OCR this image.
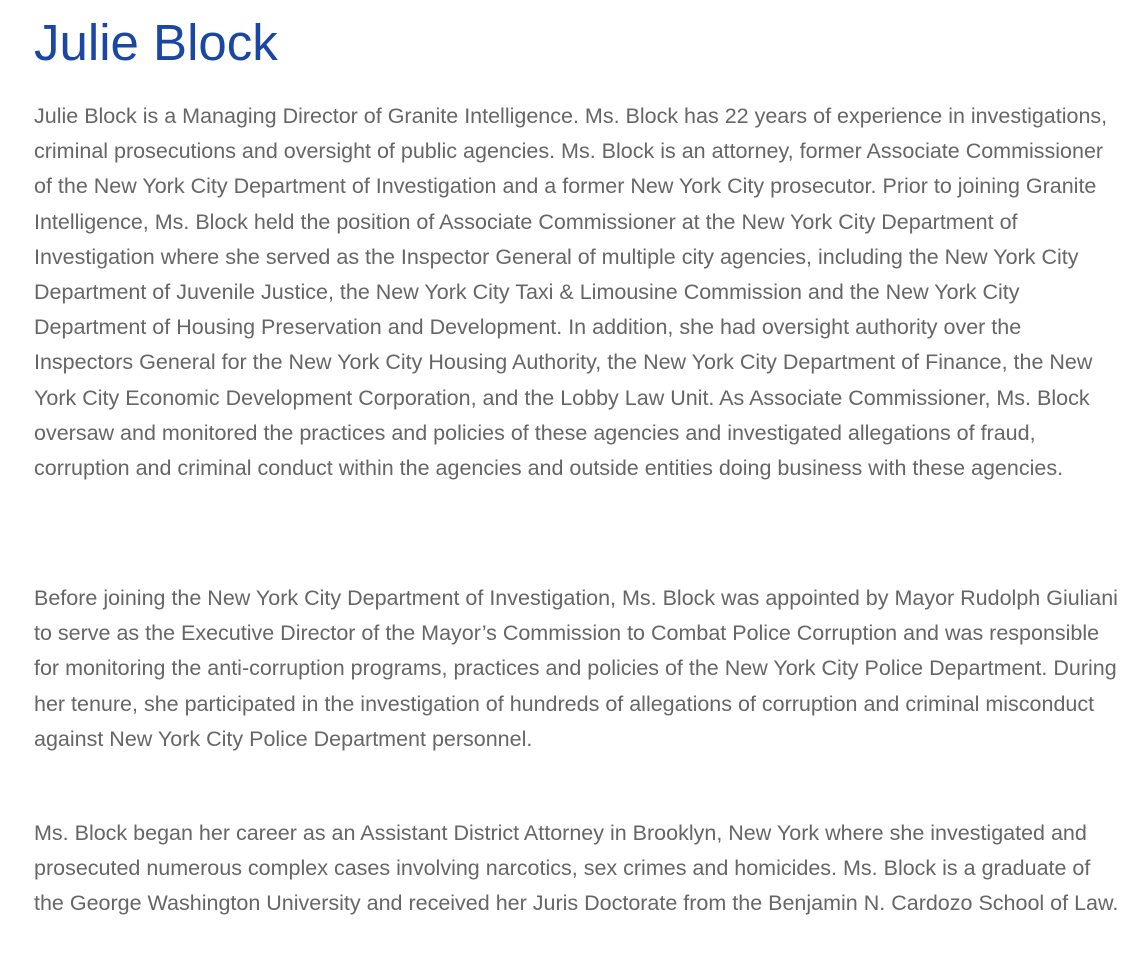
Julie Block

Julie Block is a Managing Director of Granite Intelligence. Ms. Block has 22 years of experience in investigations, criminal prosecutions and oversight of public agencies. Ms. Block is an attorney, former Associate Commissioner of the New York City Department of Investigation and a former New York City prosecutor. Prior to joining Granite Intelligence, Ms. Block held the position of Associate Commissioner at the New York City Department of Investigation where she served as the Inspector General of multiple city agencies, including the New York City Department of Juvenile Justice, the New York City Taxi & Limousine Commission and the New York City Department of Housing Preservation and Development. In addition, she had oversight authority over the Inspectors General for the New York City Housing Authority, the New York City Department of Finance, the New York City Economic Development Corporation, and the Lobby Law Unit. As Associate Commissioner, Ms. Block oversaw and monitored the practices and policies of these agencies and investigated allegations of fraud, corruption and criminal conduct within the agencies and outside entities doing business with these agencies.

Before joining the New York City Department of Investigation, Ms. Block was appointed by Mayor Rudolph Giuliani to serve as the Executive Director of the Mayor’s Commission to Combat Police Corruption and was responsible for monitoring the anti-corruption programs, practices and policies of the New York City Police Department. During her tenure, she participated in the investigation of hundreds of allegations of corruption and criminal misconduct against New York City Police Department personnel.

Ms. Block began her career as an Assistant District Attorney in Brooklyn, New York where she investigated and prosecuted numerous complex cases involving narcotics, sex crimes and homicides. Ms. Block is a graduate of the George Washington University and received her Juris Doctorate from the Benjamin N. Cardozo School of Law.
